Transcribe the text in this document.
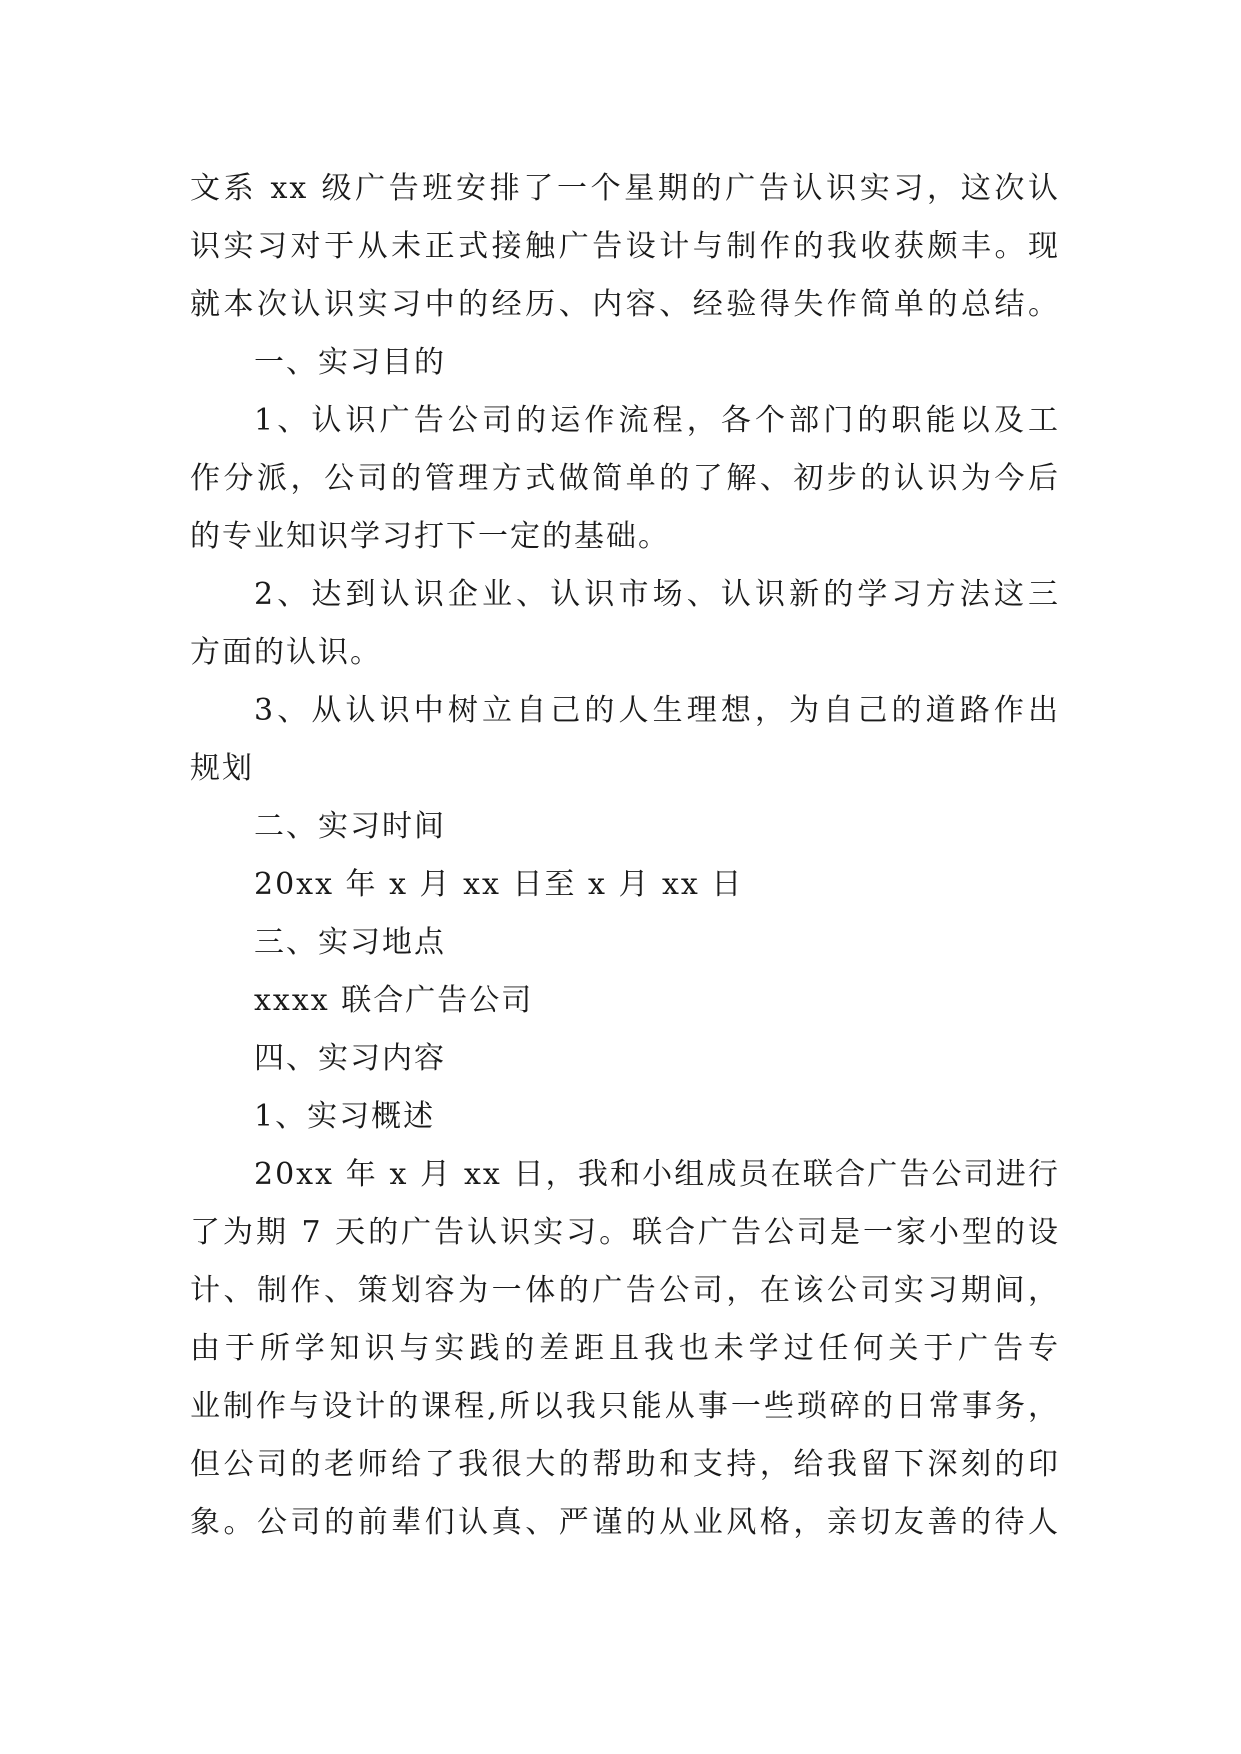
文系 xx 级广告班安排了一个星期的广告认识实习，这次认
识实习对于从未正式接触广告设计与制作的我收获颇丰。现
就本次认识实习中的经历、内容、经验得失作简单的总结。
一、实习目的
1、认识广告公司的运作流程，各个部门的职能以及工
作分派，公司的管理方式做简单的了解、初步的认识为今后
的专业知识学习打下一定的基础。
2、达到认识企业、认识市场、认识新的学习方法这三
方面的认识。
3、从认识中树立自己的人生理想，为自己的道路作出
规划
二、实习时间
20xx 年 x 月 xx 日至 x 月 xx 日
三、实习地点
xxxx 联合广告公司
四、实习内容
1、实习概述
20xx 年 x 月 xx 日，我和小组成员在联合广告公司进行
了为期 7 天的广告认识实习。联合广告公司是一家小型的设
计、制作、策划容为一体的广告公司，在该公司实习期间，
由于所学知识与实践的差距且我也未学过任何关于广告专
业制作与设计的课程,所以我只能从事一些琐碎的日常事务，
但公司的老师给了我很大的帮助和支持，给我留下深刻的印
象。公司的前辈们认真、严谨的从业风格，亲切友善的待人
